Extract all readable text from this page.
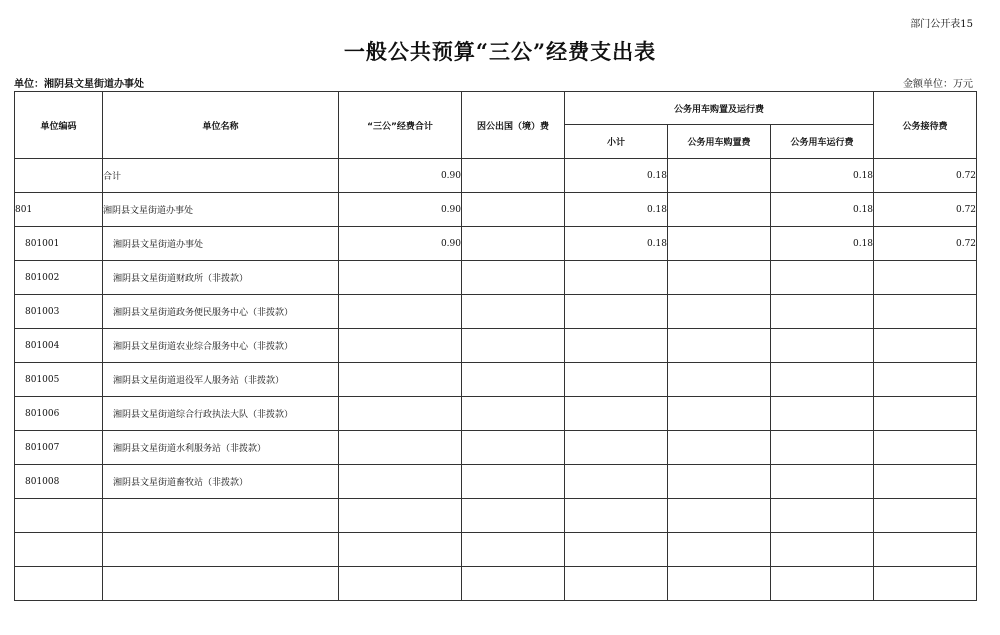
部门公开表15
一般公共预算“三公”经费支出表
单位：湘阴县文星街道办事处	金额单位：万元
单位编码	单位名称	“三公”经费合计	因公出国（境）费	公务用车购置及运行费			公务接待费
				小计	公务用车购置费	公务用车运行费	
	合计	0.90		0.18		0.18	0.72
801	湘阴县文星街道办事处	0.90		0.18		0.18	0.72
801001	湘阴县文星街道办事处	0.90		0.18		0.18	0.72
801002	湘阴县文星街道财政所（非拨款）						
801003	湘阴县文星街道政务便民服务中心（非拨款）						
801004	湘阴县文星街道农业综合服务中心（非拨款）						
801005	湘阴县文星街道退役军人服务站（非拨款）						
801006	湘阴县文星街道综合行政执法大队（非拨款）						
801007	湘阴县文星街道水利服务站（非拨款）						
801008	湘阴县文星街道畜牧站（非拨款）						
